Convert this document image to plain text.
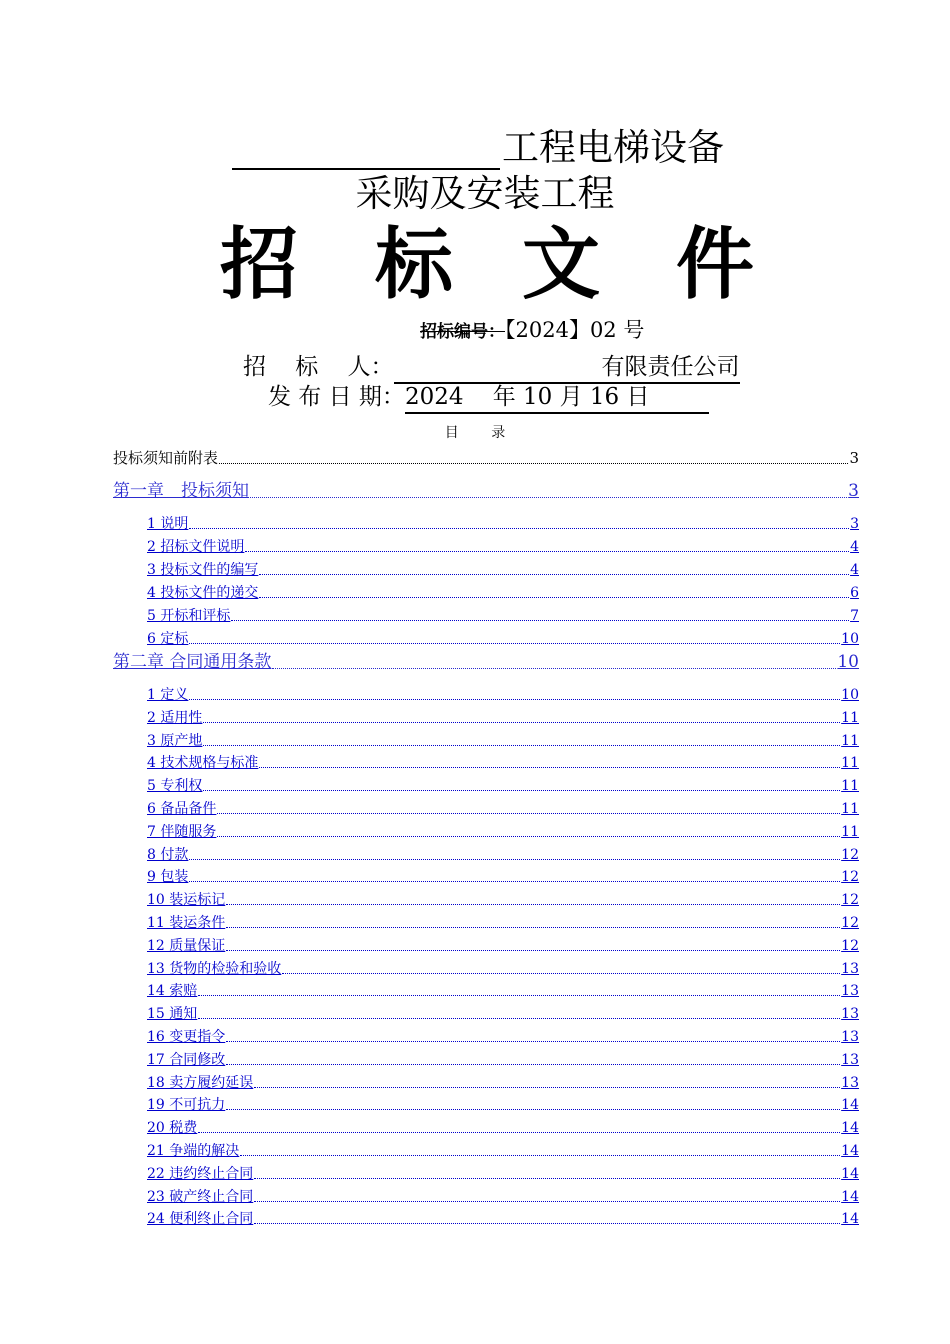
工程电梯设备
采购及安装工程
招 标 文 件
招标编号：【2024】02 号
招    标    人：	有限责任公司
发 布 日 期：2024    年 10 月 16 日
目 录
投标须知前附表	3
第一章　投标须知	3
1 说明	3
2 招标文件说明	4
3 投标文件的编写	4
4 投标文件的递交	6
5 开标和评标	7
6 定标	10
第二章 合同通用条款	10
1 定义	10
2 适用性	11
3 原产地	11
4 技术规格与标准	11
5 专利权	11
6 备品备件	11
7 伴随服务	11
8 付款	12
9 包装	12
10 装运标记	12
11 装运条件	12
12 质量保证	12
13 货物的检验和验收	13
14 索赔	13
15 通知	13
16 变更指令	13
17 合同修改	13
18 卖方履约延误	13
19 不可抗力	14
20 税费	14
21 争端的解决	14
22 违约终止合同	14
23 破产终止合同	14
24 便利终止合同	14
